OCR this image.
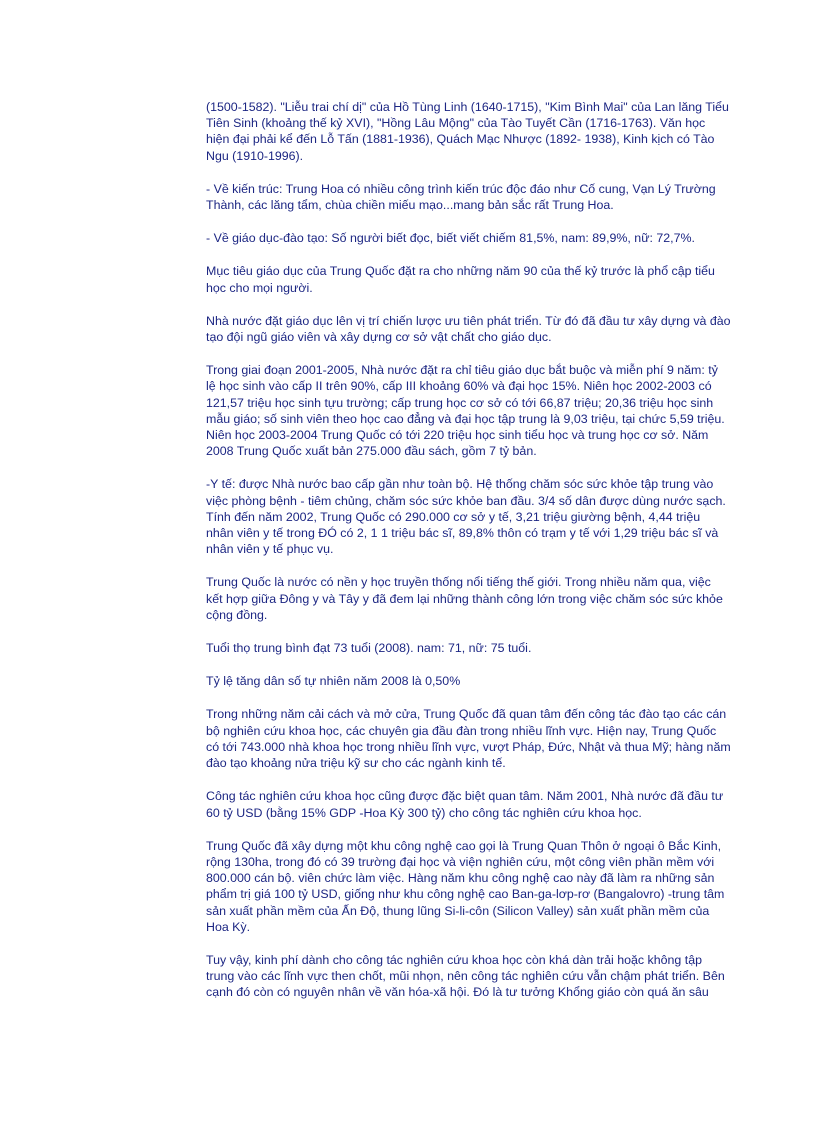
(1500-1582). "Liễu trai chí dị" của Hồ Tùng Linh (1640-1715), "Kim Bình Mai" của Lan lăng Tiểu
Tiên Sinh (khoảng thế kỷ XVI), "Hồng Lâu Mộng" của Tào Tuyết Cần (1716-1763). Văn học
hiện đại phải kể đến Lỗ Tấn (1881-1936), Quách Mạc Nhược (1892- 1938), Kinh kịch có Tào
Ngu (1910-1996).
- Về kiến trúc: Trung Hoa có nhiều công trình kiến trúc độc đáo như Cố cung, Vạn Lý Trường
Thành, các lăng tẩm, chùa chiền miếu mạo...mang bản sắc rất Trung Hoa.
- Về giáo dục-đào tạo: Số người biết đọc, biết viết chiếm 81,5%, nam: 89,9%, nữ: 72,7%.
Mục tiêu giáo dục của Trung Quốc đặt ra cho những năm 90 của thế kỷ trước là phổ cập tiểu
học cho mọi người.
Nhà nước đặt giáo dục lên vị trí chiến lược ưu tiên phát triển. Từ đó đã đầu tư xây dựng và đào
tạo đội ngũ giáo viên và xây dựng cơ sở vật chất cho giáo dục.
Trong giai đoạn 2001-2005, Nhà nước đặt ra chỉ tiêu giáo dục bắt buộc và miễn phí 9 năm: tỷ
lệ học sinh vào cấp II trên 90%, cấp III khoảng 60% và đại học 15%. Niên học 2002-2003 có
121,57 triệu học sinh tựu trường; cấp trung học cơ sở có tới 66,87 triệu; 20,36 triệu học sinh
mẫu giáo; số sinh viên theo học cao đẳng và đại học tập trung là 9,03 triệu, tại chức 5,59 triệu.
Niên học 2003-2004 Trung Quốc có tới 220 triệu học sinh tiểu học và trung học cơ sở. Năm
2008 Trung Quốc xuất bản 275.000 đầu sách, gồm 7 tỷ bản.
-Y tế: được Nhà nước bao cấp gần như toàn bộ. Hệ thống chăm sóc sức khỏe tập trung vào
việc phòng bệnh - tiêm chủng, chăm sóc sức khỏe ban đầu. 3/4 số dân được dùng nước sạch.
Tính đến năm 2002, Trung Quốc có 290.000 cơ sở y tế, 3,21 triệu giường bệnh, 4,44 triệu
nhân viên y tế trong ĐÓ có 2, 1 1 triệu bác sĩ, 89,8% thôn có trạm y tế với 1,29 triệu bác sĩ và
nhân viên y tế phục vụ.
Trung Quốc là nước có nền y học truyền thống nổi tiếng thế giới. Trong nhiều năm qua, việc
kết hợp giữa Đông y và Tây y đã đem lại những thành công lớn trong việc chăm sóc sức khỏe
cộng đồng.
Tuổi thọ trung bình đạt 73 tuổi (2008). nam: 71, nữ: 75 tuổi.
Tỷ lệ tăng dân số tự nhiên năm 2008 là 0,50%
Trong những năm cải cách và mở cửa, Trung Quốc đã quan tâm đến công tác đào tạo các cán
bộ nghiên cứu khoa học, các chuyên gia đầu đàn trong nhiều lĩnh vực. Hiện nay, Trung Quốc
có tới 743.000 nhà khoa học trong nhiều lĩnh vực, vượt Pháp, Đức, Nhật và thua Mỹ; hàng năm
đào tạo khoảng nửa triệu kỹ sư cho các ngành kinh tế.
Công tác nghiên cứu khoa học cũng được đặc biệt quan tâm. Năm 2001, Nhà nước đã đầu tư
60 tỷ USD (bằng 15% GDP -Hoa Kỳ 300 tỷ) cho công tác nghiên cứu khoa học.
Trung Quốc đã xây dựng một khu công nghệ cao gọi là Trung Quan Thôn ở ngoại ô Bắc Kinh,
rộng 130ha, trong đó có 39 trường đại học và viện nghiên cứu, một công viên phần mềm với
800.000 cán bộ. viên chức làm việc. Hàng năm khu công nghệ cao này đã làm ra những sản
phẩm trị giá 100 tỷ USD, giống như khu công nghệ cao Ban-ga-lơp-rơ (Bangalovro) -trung tâm
sản xuất phần mềm của Ấn Độ, thung lũng Si-li-côn (Silicon Valley) sản xuất phần mềm của
Hoa Kỳ.
Tuy vậy, kinh phí dành cho công tác nghiên cứu khoa học còn khá dàn trải hoặc không tập
trung vào các lĩnh vực then chốt, mũi nhọn, nên công tác nghiên cứu vẫn chậm phát triển. Bên
cạnh đó còn có nguyên nhân về văn hóa-xã hội. Đó là tư tưởng Khổng giáo còn quá ăn sâu
